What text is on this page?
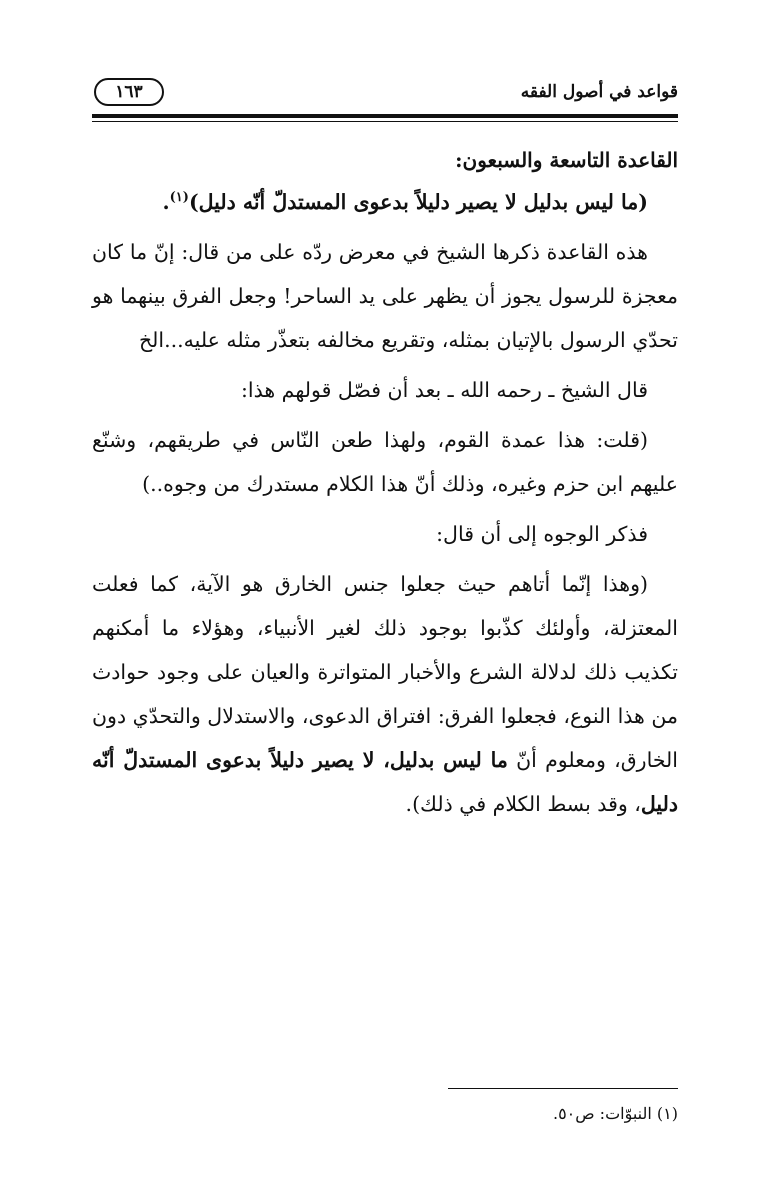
قواعد في أصول الفقه
١٦٣

القاعدة التاسعة والسبعون:

(ما ليس بدليل لا يصير دليلاً بدعوى المستدلّ أنّه دليل)$^{(١)}$.

هذه القاعدة ذكرها الشيخ في معرض ردّه على من قال: إنّ ما كان معجزة للرسول يجوز أن يظهر على يد الساحر! وجعل الفرق بينهما هو تحدّي الرسول بالإتيان بمثله، وتقريع مخالفه بتعذّر مثله عليه...الخ

قال الشيخ ـ رحمه الله ـ بعد أن فصّل قولهم هذا:

(قلت: هذا عمدة القوم، ولهذا طعن النّاس في طريقهم، وشنّع عليهم ابن حزم وغيره، وذلك أنّ هذا الكلام مستدرك من وجوه..)

فذكر الوجوه إلى أن قال:

(وهذا إنّما أتاهم حيث جعلوا جنس الخارق هو الآية، كما فعلت المعتزلة، وأولئك كذّبوا بوجود ذلك لغير الأنبياء، وهؤلاء ما أمكنهم تكذيب ذلك لدلالة الشرع والأخبار المتواترة والعيان على وجود حوادث من هذا النوع، فجعلوا الفرق: افتراق الدعوى، والاستدلال والتحدّي دون الخارق، ومعلوم أنّ ما ليس بدليل، لا يصير دليلاً بدعوى المستدلّ أنّه دليل، وقد بسط الكلام في ذلك).

(١) النبوّات: ص٥٠.
